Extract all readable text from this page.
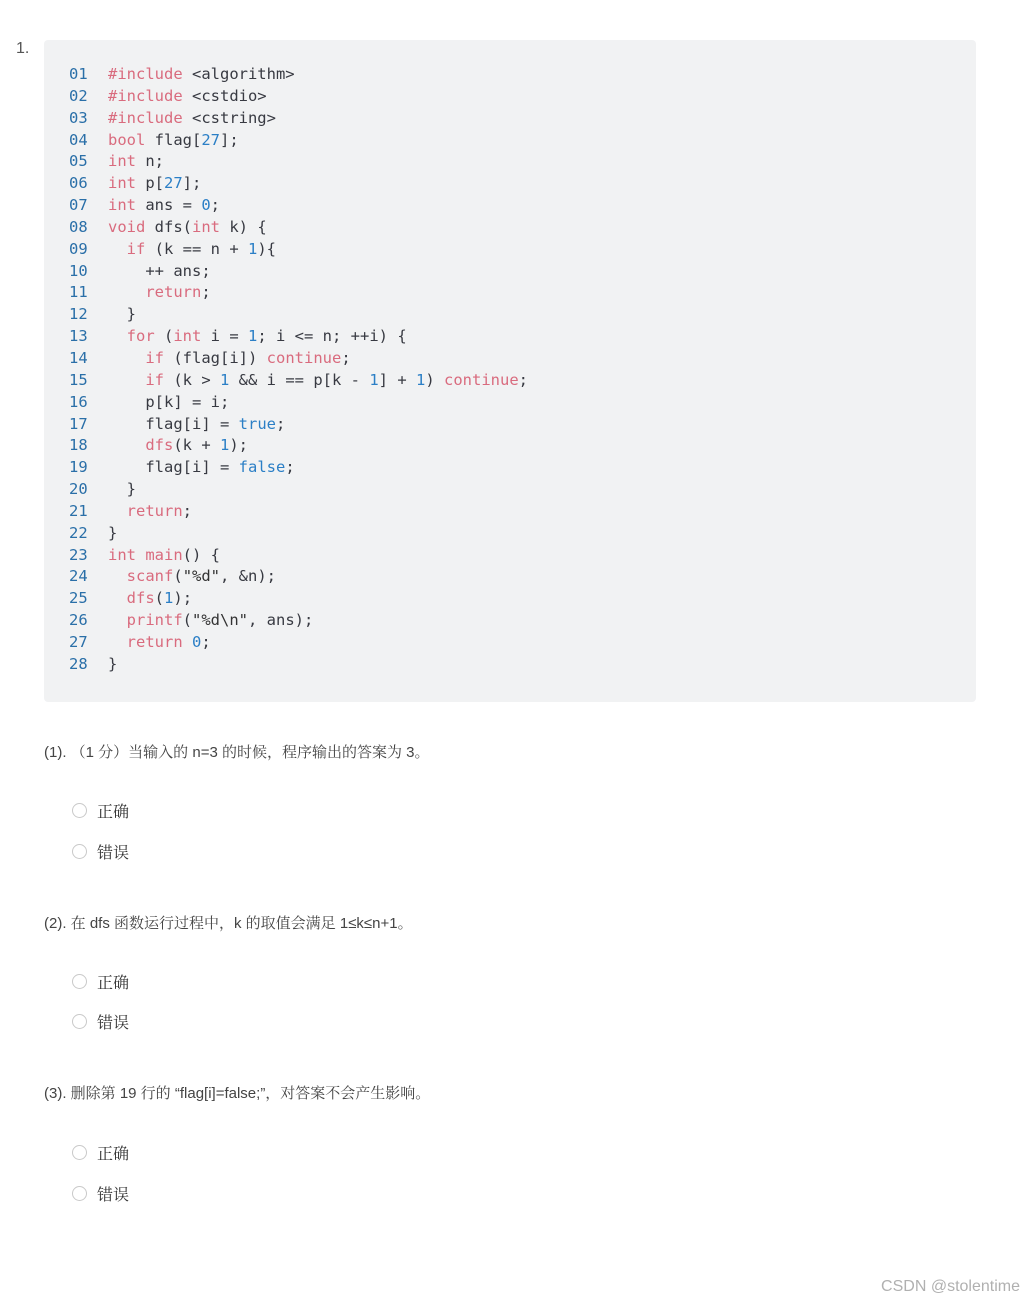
1.
01	#include <algorithm>
02	#include <cstdio>
03	#include <cstring>
04	bool flag[27];
05	int n;
06	int p[27];
07	int ans = 0;
08	void dfs(int k) {
09	if (k == n + 1){
10	++ ans;
11	return;
12	}
13	for (int i = 1; i <= n; ++i) {
14	if (flag[i]) continue;
15	if (k > 1 && i == p[k - 1] + 1) continue;
16	p[k] = i;
17	flag[i] = true;
18	dfs(k + 1);
19	flag[i] = false;
20	}
21	return;
22	}
23	int main() {
24	scanf("%d", &n);
25	dfs(1);
26	printf("%d\n", ans);
27	return 0;
28	}
(1). （1 分）当输入的 n=3 的时候，程序输出的答案为 3。
正确
错误
(2). 在 dfs 函数运行过程中，k 的取值会满足 1≤k≤n+1。
正确
错误
(3). 删除第 19 行的 “flag[i]=false;”，对答案不会产生影响。
正确
错误
CSDN @stolentime
